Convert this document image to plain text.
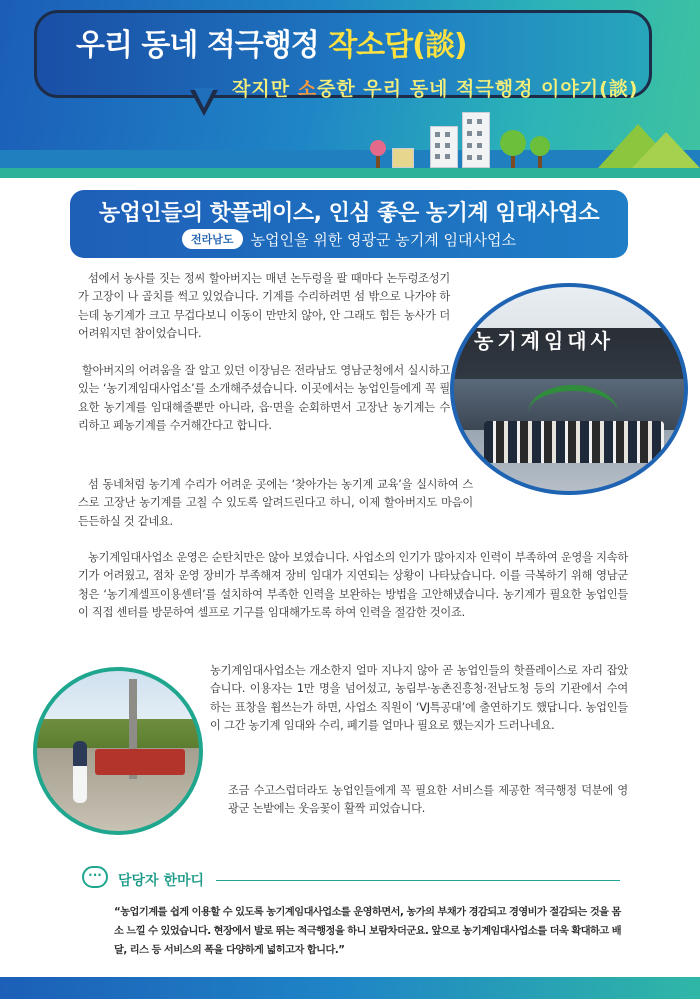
우리 동네 적극행정 작소담(談)
작지만 소중한 우리 동네 적극행정 이야기(談)
농업인들의 핫플레이스, 인심 좋은 농기계 임대사업소
전라남도 농업인을 위한 영광군 농기계 임대사업소
섬에서 농사를 짓는 정씨 할아버지는 매년 논두렁을 팔 때마다 논두렁조성기가 고장이 나 골치를 썩고 있었습니다. 기계를 수리하려면 섬 밖으로 나가야 하는데 농기계가 크고 무겁다보니 이동이 만만치 않아, 안 그래도 힘든 농사가 더 어려워지던 참이었습니다.
할아버지의 어려움을 잘 알고 있던 이장님은 전라남도 영남군청에서 실시하고 있는 ‘농기계임대사업소’를 소개해주셨습니다. 이곳에서는 농업인들에게 꼭 필요한 농기계를 임대해줄뿐만 아니라, 읍·면을 순회하면서 고장난 농기계는 수리하고 폐농기계를 수거해간다고 합니다.
섬 동네처럼 농기계 수리가 어려운 곳에는 ‘찾아가는 농기계 교육’을 실시하여 스스로 고장난 농기계를 고칠 수 있도록 알려드린다고 하니, 이제 할아버지도 마음이 든든하실 것 같네요.
농기계임대사업소 운영은 순탄치만은 않아 보였습니다. 사업소의 인기가 많아지자 인력이 부족하여 운영을 지속하기가 어려웠고, 점차 운영 장비가 부족해져 장비 임대가 지연되는 상황이 나타났습니다. 이를 극복하기 위해 영남군청은 ‘농기계셀프이용센터’를 설치하여 부족한 인력을 보완하는 방법을 고안해냈습니다. 농기계가 필요한 농업인들이 직접 센터를 방문하여 셀프로 기구를 임대해가도록 하여 인력을 절감한 것이죠.
농기계임대사업소는 개소한지 얼마 지나지 않아 곧 농업인들의 핫플레이스로 자리 잡았습니다. 이용자는 1만 명을 넘어섰고, 농림부·농촌진흥청·전남도청 등의 기관에서 수여하는 표창을 휩쓰는가 하면, 사업소 직원이 ‘VJ특공대’에 출연하기도 했답니다. 농업인들이 그간 농기계 임대와 수리, 폐기를 얼마나 필요로 했는지가 드러나네요.
조금 수고스럽더라도 농업인들에게 꼭 필요한 서비스를 제공한 적극행정 덕분에 영광군 논밭에는 웃음꽃이 활짝 피었습니다.
농기계임대사
···	담당자 한마디
“농업기계를 쉽게 이용할 수 있도록 농기계임대사업소를 운영하면서, 농가의 부채가 경감되고 경영비가 절감되는 것을 몸소 느낄 수 있었습니다. 현장에서 발로 뛰는 적극행정을 하니 보람차더군요. 앞으로 농기계임대사업소를 더욱 확대하고 배달, 리스 등 서비스의 폭을 다양하게 넓히고자 합니다.”
